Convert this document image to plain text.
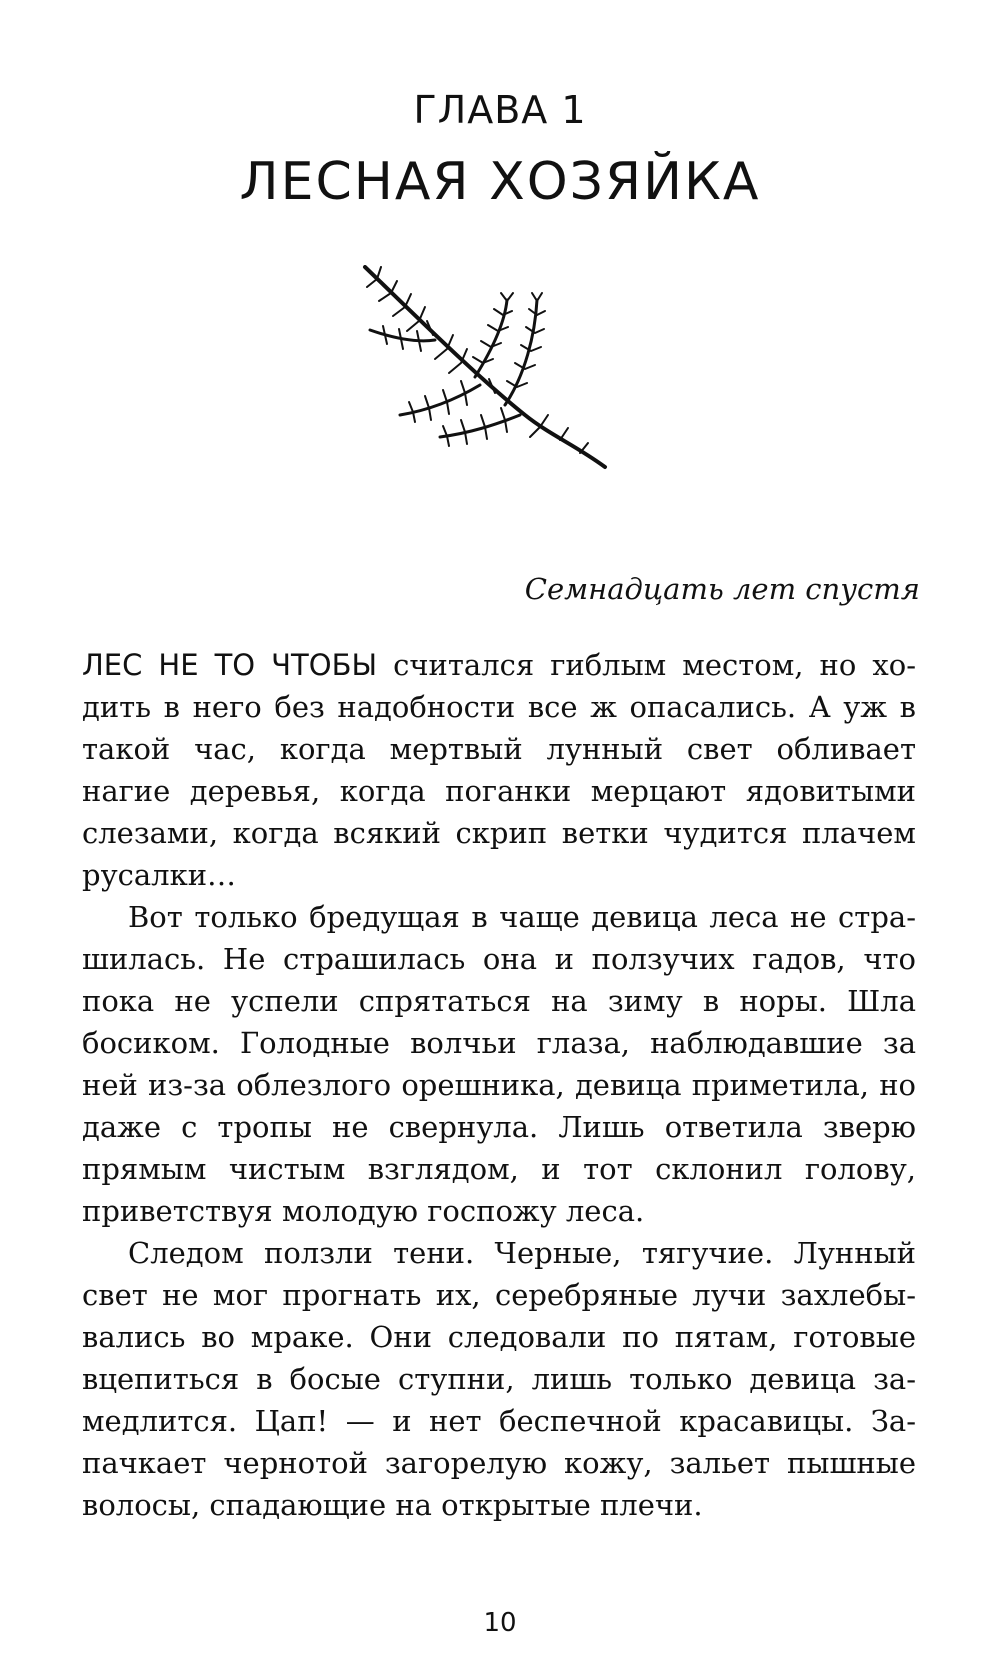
ГЛАВА 1
ЛЕСНАЯ ХОЗЯЙКА

Семнадцать лет спустя

ЛЕС НЕ ТО ЧТОБЫ считался гиблым местом, но ходить в него без надобности все ж опасались. А уж в такой час, когда мертвый лунный свет обливает нагие деревья, когда поганки мерцают ядовитыми слезами, когда всякий скрип ветки чудится плачем русалки…

Вот только бредущая в чаще девица леса не страшилась. Не страшилась она и ползучих гадов, что пока не успели спрятаться на зиму в норы. Шла босиком. Голодные волчьи глаза, наблюдавшие за ней из-за облезлого орешника, девица приметила, но даже с тропы не свернула. Лишь ответила зверю прямым чистым взглядом, и тот склонил голову, приветствуя молодую госпожу леса.

Следом ползли тени. Черные, тягучие. Лунный свет не мог прогнать их, серебряные лучи захлебывались во мраке. Они следовали по пятам, готовые вцепиться в босые ступни, лишь только девица замедлится. Цап! — и нет беспечной красавицы. Запачкает чернотой загорелую кожу, зальет пышные волосы, спадающие на открытые плечи.

10
